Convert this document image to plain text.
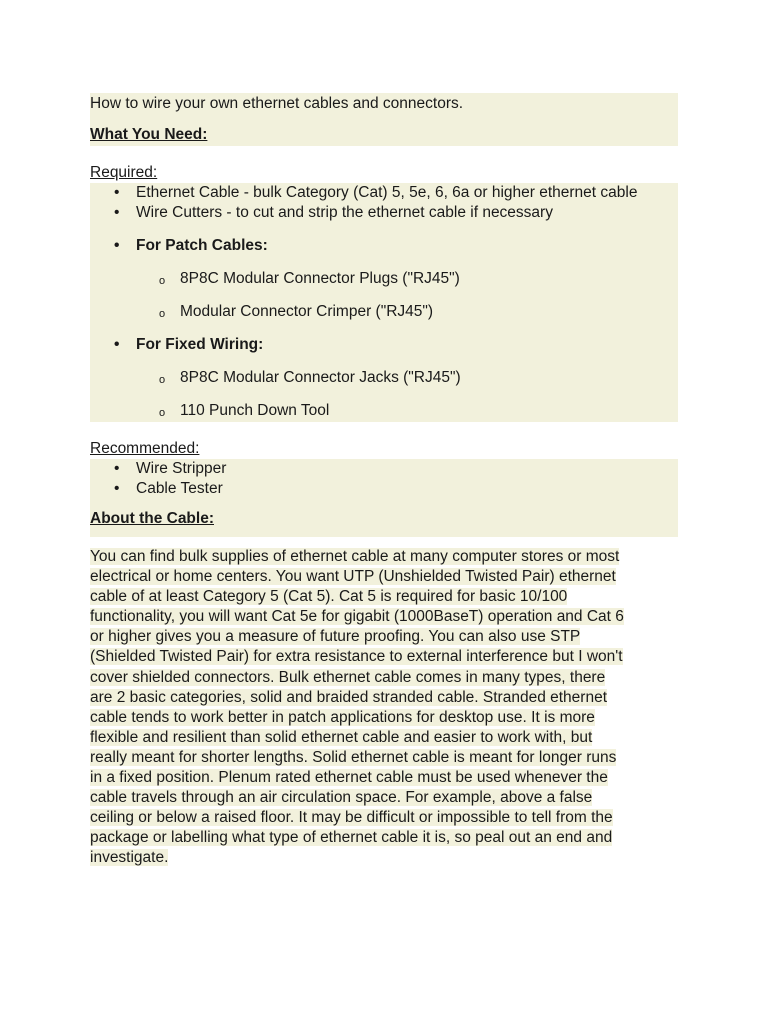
How to wire your own ethernet cables and connectors.
What You Need:
Required:
• Ethernet Cable - bulk Category (Cat) 5, 5e, 6, 6a or higher ethernet cable
• Wire Cutters - to cut and strip the ethernet cable if necessary
• For Patch Cables:
o 8P8C Modular Connector Plugs ("RJ45")
o Modular Connector Crimper ("RJ45")
• For Fixed Wiring:
o 8P8C Modular Connector Jacks ("RJ45")
o 110 Punch Down Tool
Recommended:
• Wire Stripper
• Cable Tester
About the Cable:
You can find bulk supplies of ethernet cable at many computer stores or most
electrical or home centers. You want UTP (Unshielded Twisted Pair) ethernet
cable of at least Category 5 (Cat 5). Cat 5 is required for basic 10/100
functionality, you will want Cat 5e for gigabit (1000BaseT) operation and Cat 6
or higher gives you a measure of future proofing. You can also use STP
(Shielded Twisted Pair) for extra resistance to external interference but I won't
cover shielded connectors. Bulk ethernet cable comes in many types, there
are 2 basic categories, solid and braided stranded cable. Stranded ethernet
cable tends to work better in patch applications for desktop use. It is more
flexible and resilient than solid ethernet cable and easier to work with, but
really meant for shorter lengths. Solid ethernet cable is meant for longer runs
in a fixed position. Plenum rated ethernet cable must be used whenever the
cable travels through an air circulation space. For example, above a false
ceiling or below a raised floor. It may be difficult or impossible to tell from the
package or labelling what type of ethernet cable it is, so peal out an end and
investigate.
